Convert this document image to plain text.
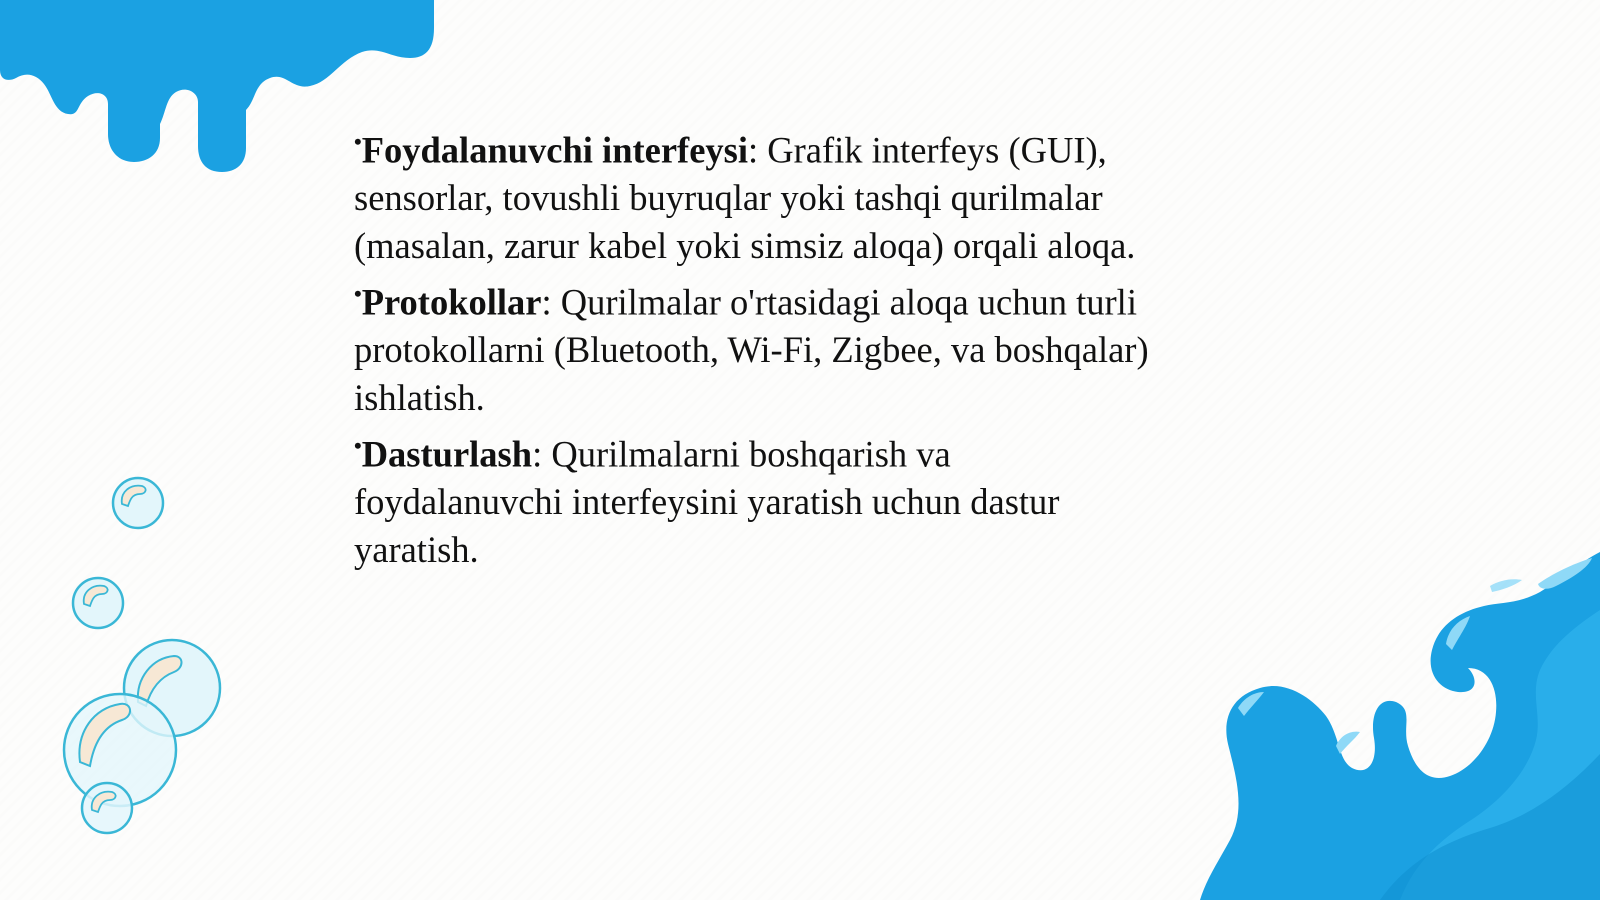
•Foydalanuvchi interfeysi: Grafik interfeys (GUI), sensorlar, tovushli buyruqlar yoki tashqi qurilmalar (masalan, zarur kabel yoki simsiz aloqa) orqali aloqa.

•Protokollar: Qurilmalar o'rtasidagi aloqa uchun turli protokollarni (Bluetooth, Wi-Fi, Zigbee, va boshqalar) ishlatish.

•Dasturlash: Qurilmalarni boshqarish va foydalanuvchi interfeysini yaratish uchun dastur yaratish.
